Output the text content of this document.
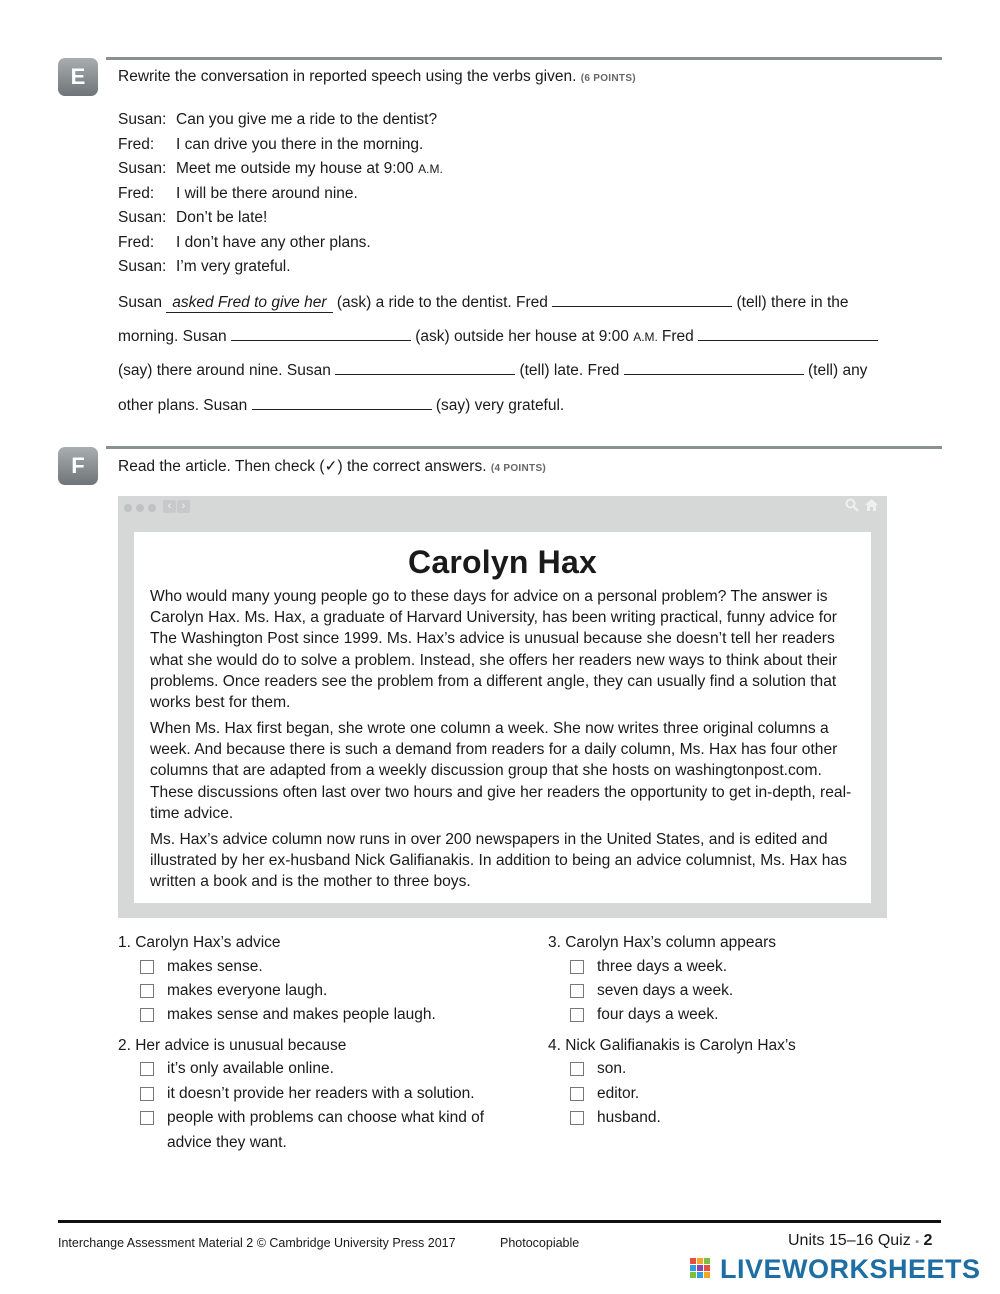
E	Rewrite the conversation in reported speech using the verbs given. (6 POINTS)
Susan: Can you give me a ride to the dentist?
Fred: I can drive you there in the morning.
Susan: Meet me outside my house at 9:00 A.M.
Fred: I will be there around nine.
Susan: Don’t be late!
Fred: I don’t have any other plans.
Susan: I’m very grateful.
Susan asked Fred to give her (ask) a ride to the dentist. Fred	(tell) there in the
morning. Susan	(ask) outside her house at 9:00 A.M. Fred
(say) there around nine. Susan	(tell) late. Fred	(tell) any
other plans. Susan	(say) very grateful.
F	Read the article. Then check (✓) the correct answers. (4 POINTS)
‹ ›
Carolyn Hax
Who would many young people go to these days for advice on a personal problem? The answer is Carolyn Hax. Ms. Hax, a graduate of Harvard University, has been writing practical, funny advice for The Washington Post since 1999. Ms. Hax’s advice is unusual because she doesn’t tell her readers what she would do to solve a problem. Instead, she offers her readers new ways to think about their problems. Once readers see the problem from a different angle, they can usually find a solution that works best for them.
When Ms. Hax first began, she wrote one column a week. She now writes three original columns a week. And because there is such a demand from readers for a daily column, Ms. Hax has four other columns that are adapted from a weekly discussion group that she hosts on washingtonpost.com. These discussions often last over two hours and give her readers the opportunity to get in-depth, real-time advice.
Ms. Hax’s advice column now runs in over 200 newspapers in the United States, and is edited and illustrated by her ex-husband Nick Galifianakis. In addition to being an advice columnist, Ms. Hax has written a book and is the mother to three boys.
1. Carolyn Hax’s advice
makes sense.
makes everyone laugh.
makes sense and makes people laugh.
2. Her advice is unusual because
it’s only available online.
it doesn’t provide her readers with a solution.
people with problems can choose what kind of
advice they want.
3. Carolyn Hax’s column appears
three days a week.
seven days a week.
four days a week.
4. Nick Galifianakis is Carolyn Hax’s
son.
editor.
husband.
Interchange Assessment Material 2 © Cambridge University Press 2017	Photocopiable	Units 15–16 Quiz ▪ 2
LIVEWORKSHEETS
